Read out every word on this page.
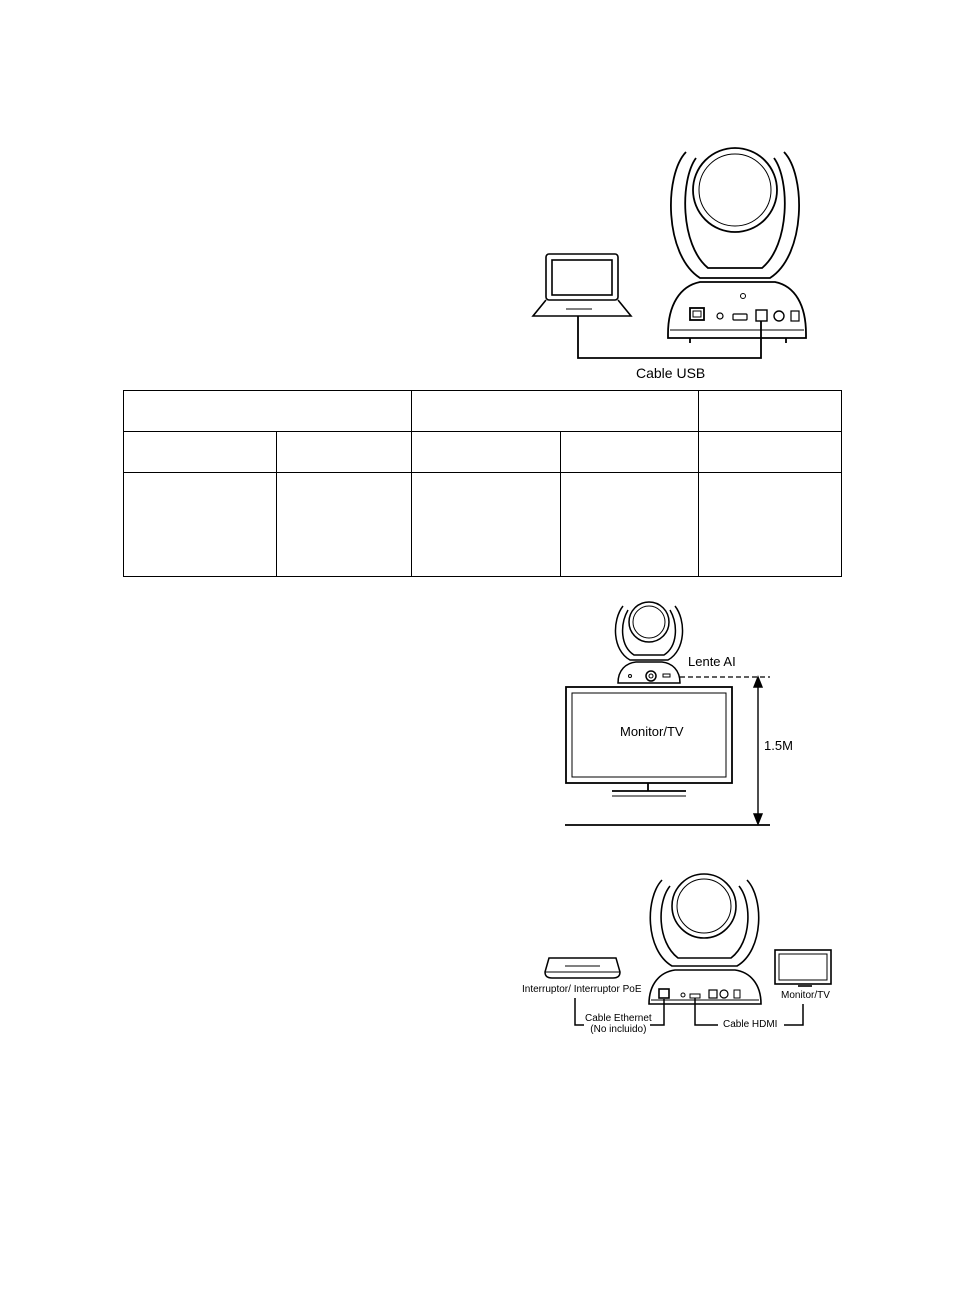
Cable USB

Lente AI
Monitor/TV
1.5M
Interruptor/ Interruptor PoE
Cable Ethernet
(No incluido)	Cable HDMI
Monitor/TV
